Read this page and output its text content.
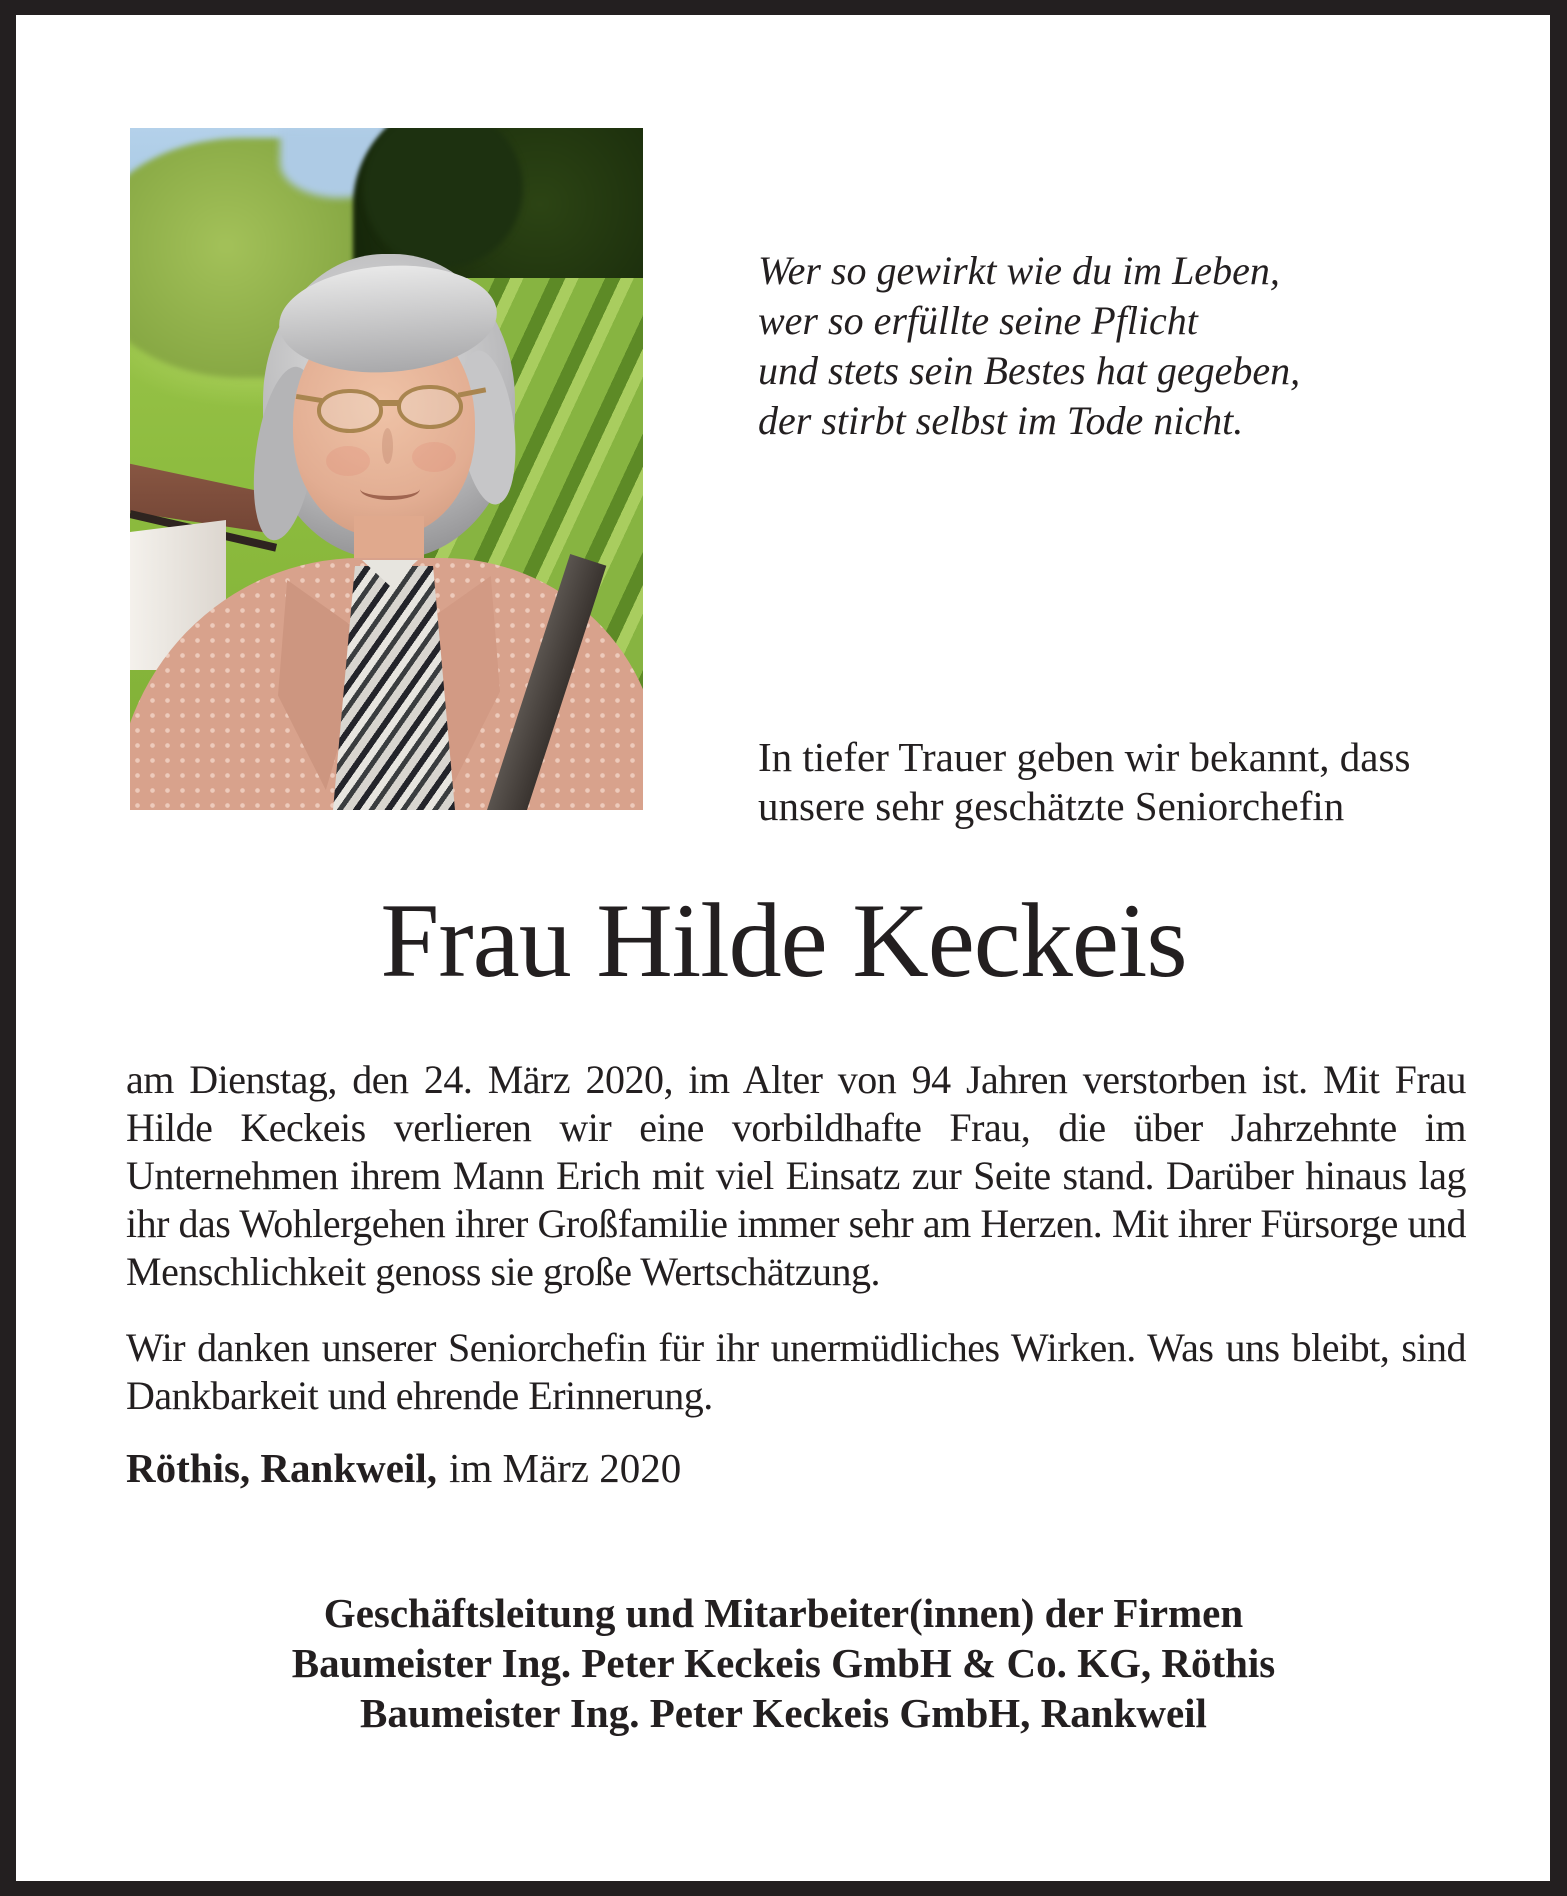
Wer so gewirkt wie du im Leben,
wer so erfüllte seine Pflicht
und stets sein Bestes hat gegeben,
der stirbt selbst im Tode nicht.
In tiefer Trauer geben wir bekannt, dass
unsere sehr geschätzte Seniorchefin
Frau Hilde Keckeis

am Dienstag, den 24. März 2020, im Alter von 94 Jahren verstorben ist. Mit Frau Hilde Keckeis verlieren wir eine vorbildhafte Frau, die über Jahrzehnte im Unternehmen ihrem Mann Erich mit viel Einsatz zur Seite stand. Darüber hinaus lag ihr das Wohlergehen ihrer Großfamilie immer sehr am Herzen. Mit ihrer Fürsorge und Menschlichkeit genoss sie große Wertschätzung.

Wir danken unserer Seniorchefin für ihr unermüdliches Wirken. Was uns bleibt, sind Dankbarkeit und ehrende Erinnerung.

Röthis, Rankweil, im März 2020
Geschäftsleitung und Mitarbeiter(innen) der Firmen
Baumeister Ing. Peter Keckeis GmbH & Co. KG, Röthis
Baumeister Ing. Peter Keckeis GmbH, Rankweil
